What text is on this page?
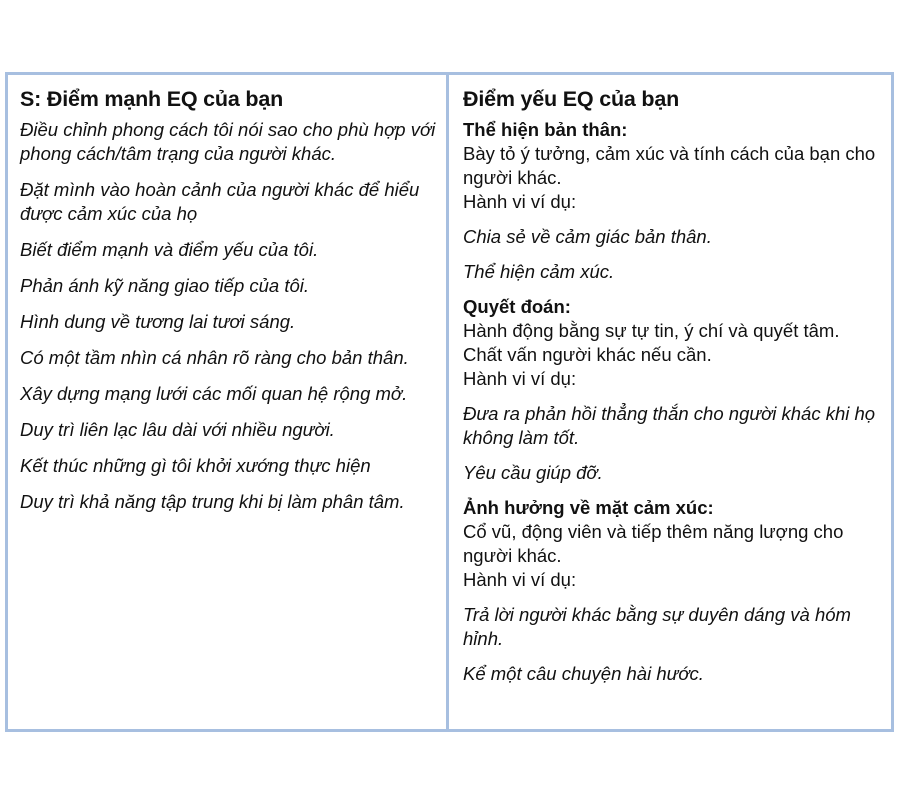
S: Điểm mạnh EQ của bạn

Điều chỉnh phong cách tôi nói sao cho phù hợp với phong cách/tâm trạng của người khác.

Đặt mình vào hoàn cảnh của người khác để hiểu được cảm xúc của họ

Biết điểm mạnh và điểm yếu của tôi.

Phản ánh kỹ năng giao tiếp của tôi.

Hình dung về tương lai tươi sáng.

Có một tầm nhìn cá nhân rõ ràng cho bản thân.

Xây dựng mạng lưới các mối quan hệ rộng mở.

Duy trì liên lạc lâu dài với nhiều người.

Kết thúc những gì tôi khởi xướng thực hiện

Duy trì khả năng tập trung khi bị làm phân tâm.

Điểm yếu EQ của bạn

Thể hiện bản thân:

Bày tỏ ý tưởng, cảm xúc và tính cách của bạn cho người khác.

Hành vi ví dụ:

Chia sẻ về cảm giác bản thân.

Thể hiện cảm xúc.

Quyết đoán:

Hành động bằng sự tự tin, ý chí và quyết tâm. Chất vấn người khác nếu cần.

Hành vi ví dụ:

Đưa ra phản hồi thẳng thắn cho người khác khi họ không làm tốt.

Yêu cầu giúp đỡ.

Ảnh hưởng về mặt cảm xúc:

Cổ vũ, động viên và tiếp thêm năng lượng cho người khác.

Hành vi ví dụ:

Trả lời người khác bằng sự duyên dáng và hóm hỉnh.

Kể một câu chuyện hài hước.
